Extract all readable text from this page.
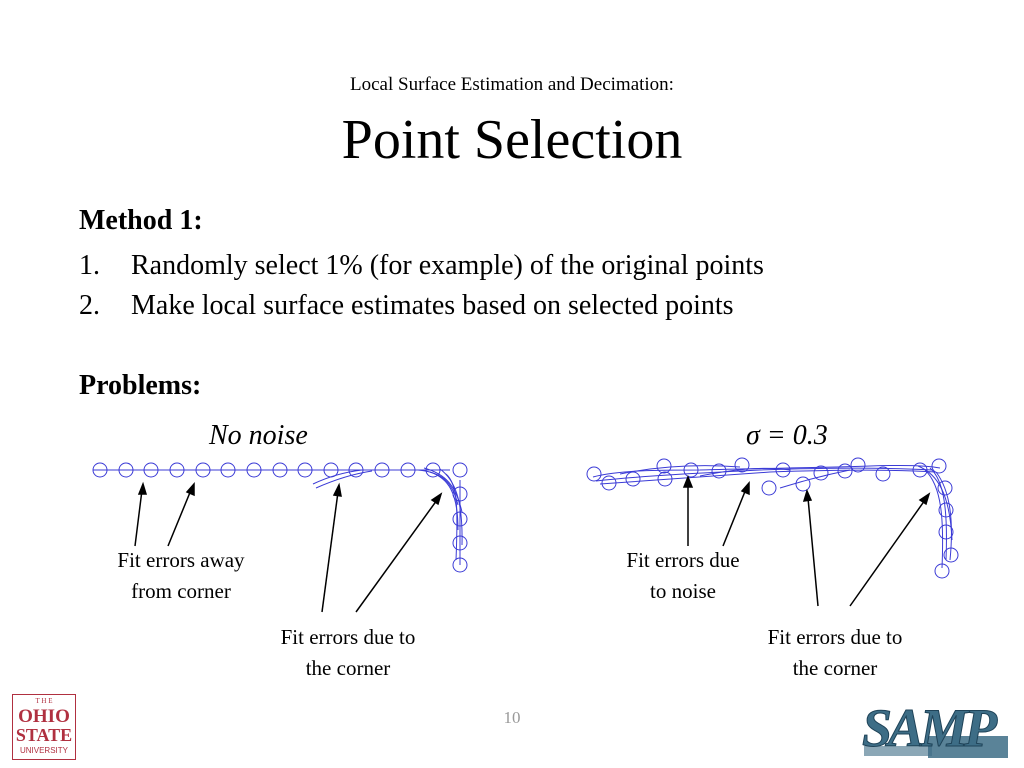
Local Surface Estimation and Decimation:
Point Selection
Method 1:
1. Randomly select 1% (for example) of the original points
2. Make local surface estimates based on selected points
Problems:
No noise	σ = 0.3
Fit errors away
from corner
Fit errors due to
the corner
Fit errors due
to noise
Fit errors due to
the corner
10
T H E
OHIO
STATE
UNIVERSITY	SAMP
